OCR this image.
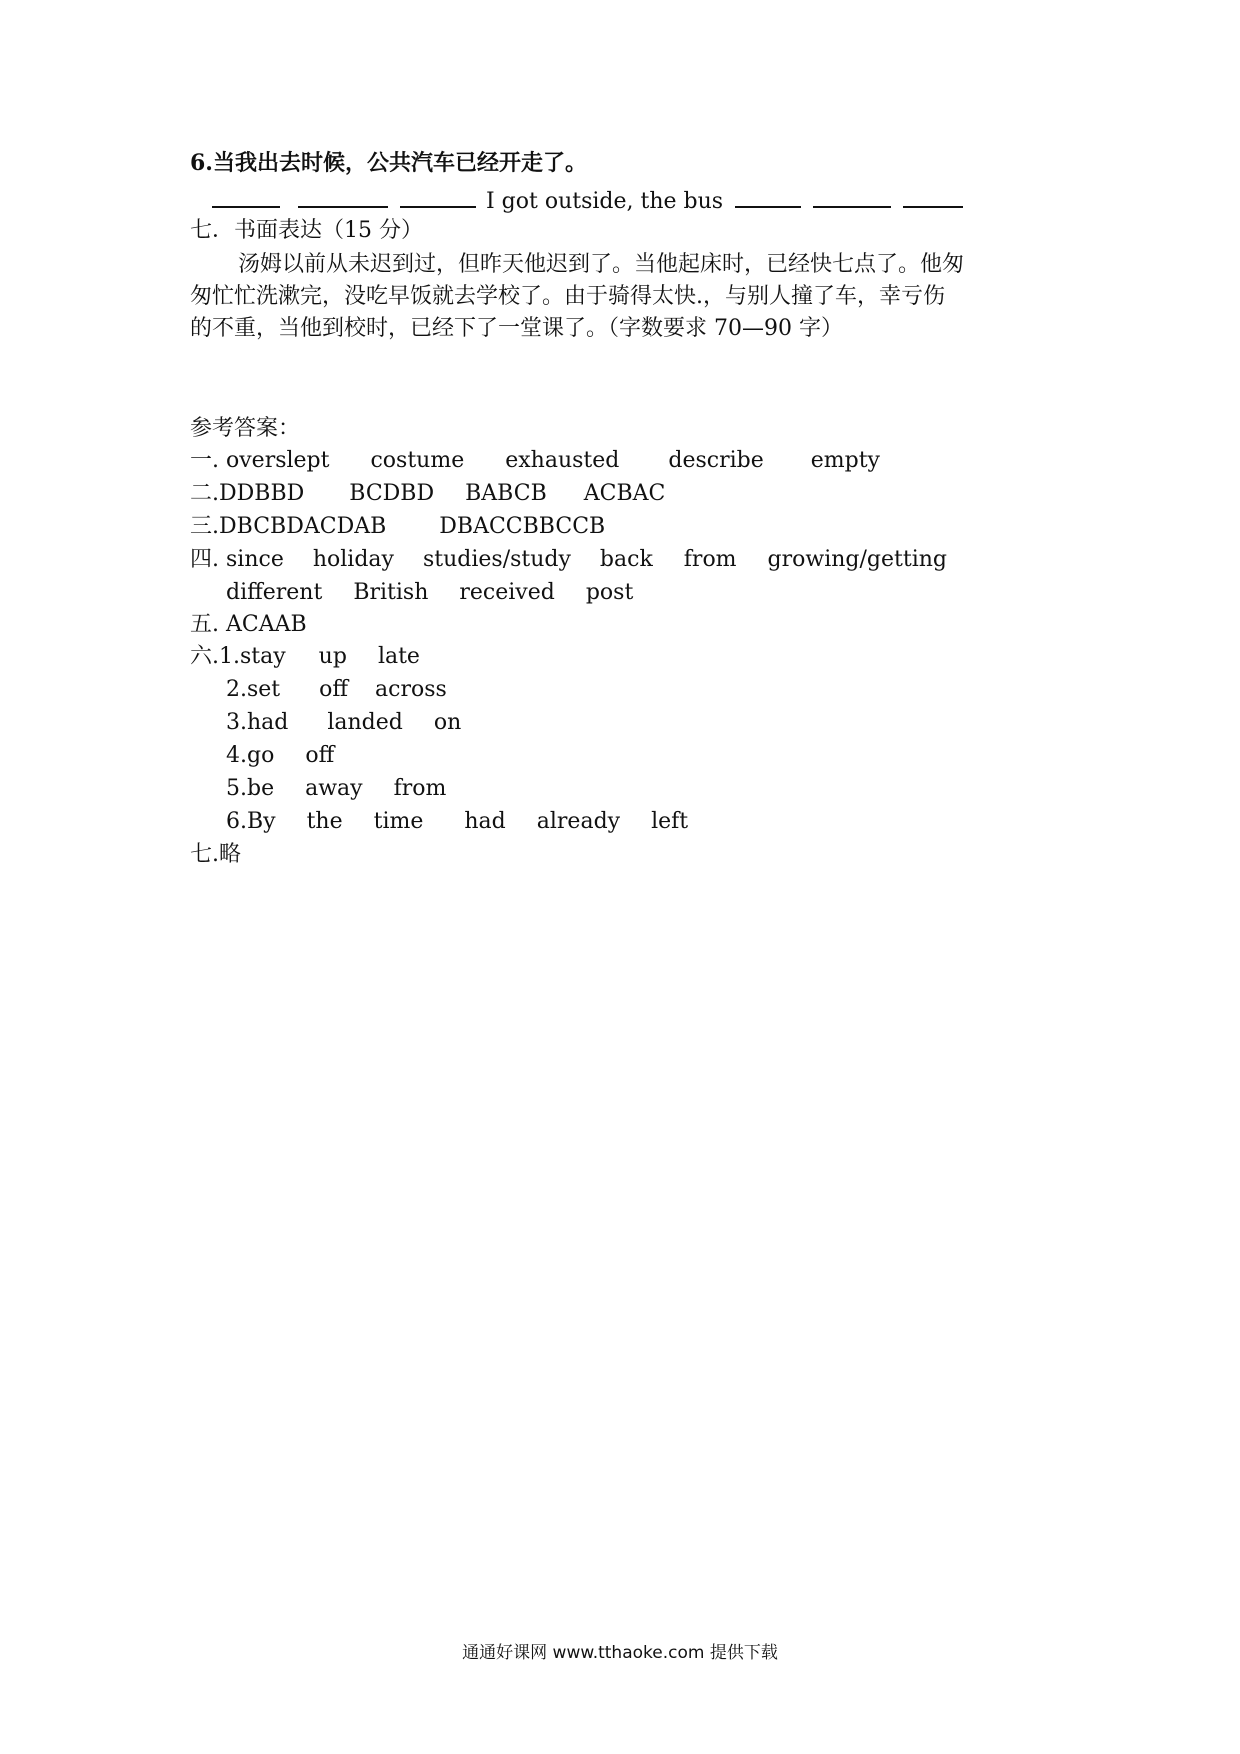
6.当我出去时候，公共汽车已经开走了。
I got outside, the bus
七．书面表达（15 分）
汤姆以前从未迟到过，但昨天他迟到了。当他起床时，已经快七点了。他匆
匆忙忙洗漱完，没吃早饭就去学校了。由于骑得太快.，与别人撞了车，幸亏伤
的不重，当他到校时，已经下了一堂课了。（字数要求 70—90 字）
参考答案：
一. overslept costume exhausted describe empty
二.DDBBD BCDBD BABCB ACBAC
三.DBCBDACDAB DBACCBBCCB
四. since holiday studies/study back from growing/getting
different British received post
五. ACAAB
六.1.stay up late
2.set off across
3.had landed on
4.go off
5.be away from
6.By the time had already left
七.略
通通好课网 www.tthaoke.com 提供下载
